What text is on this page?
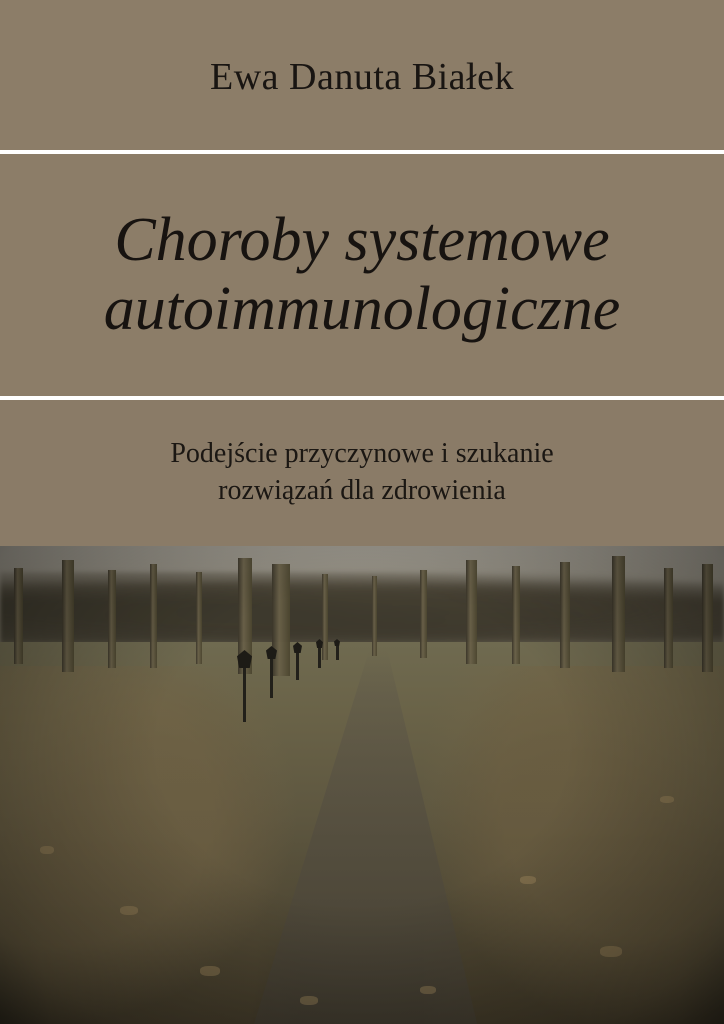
Ewa Danuta Białek
Choroby systemowe
autoimmunologiczne
Podejście przyczynowe i szukanie
rozwiązań dla zdrowienia
